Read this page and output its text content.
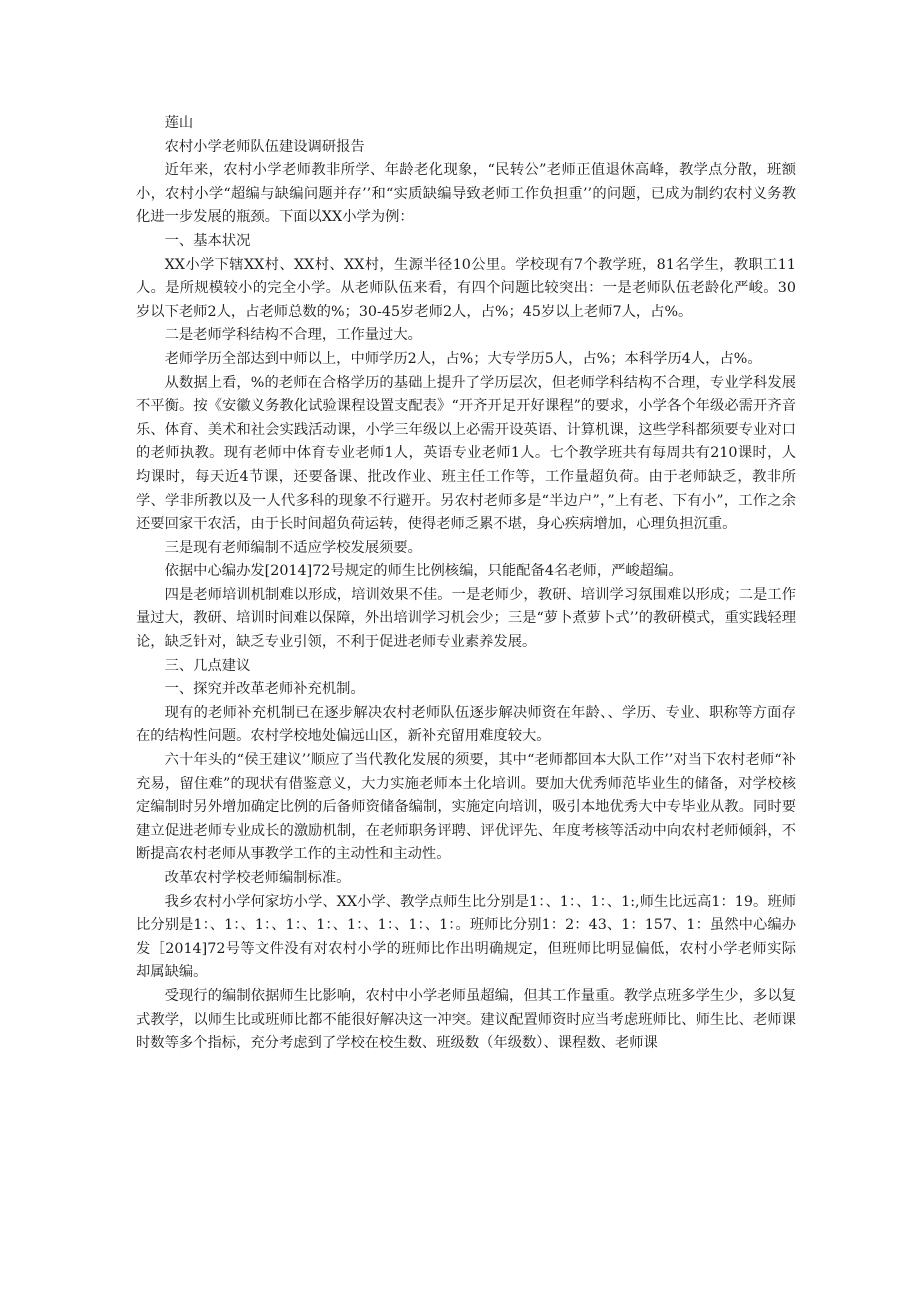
莲山

农村小学老师队伍建设调研报告

近年来，农村小学老师教非所学、年龄老化现象，“民转公”老师正值退休高峰，教学点分散，班额小，农村小学“超编与缺编问题并存’’和“实质缺编导致老师工作负担重’’的问题，已成为制约农村义务教化进一步发展的瓶颈。下面以XX小学为例：

一、基本状况

XX小学下辖XX村、XX村、XX村，生源半径10公里。学校现有7个教学班，81名学生，教职工11人。是所规模较小的完全小学。从老师队伍来看，有四个问题比较突出：一是老师队伍老龄化严峻。30岁以下老师2人，占老师总数的%；30-45岁老师2人，占%；45岁以上老师7人，占%。

二是老师学科结构不合理，工作量过大。

老师学历全部达到中师以上，中师学历2人，占%；大专学历5人，占%；本科学历4人，占%。

从数据上看，%的老师在合格学历的基础上提升了学历层次，但老师学科结构不合理，专业学科发展不平衡。按《安徽义务教化试验课程设置支配表》“开齐开足开好课程”的要求，小学各个年级必需开齐音乐、体育、美术和社会实践活动课，小学三年级以上必需开设英语、计算机课，这些学科都须要专业对口的老师执教。现有老师中体育专业老师1人，英语专业老师1人。七个教学班共有每周共有210课时，人均课时，每天近4节课，还要备课、批改作业、班主任工作等，工作量超负荷。由于老师缺乏，教非所学、学非所教以及一人代多科的现象不行避开。另农村老师多是“半边户”，”上有老、下有小”，工作之余还要回家干农活，由于长时间超负荷运转，使得老师乏累不堪，身心疾病增加，心理负担沉重。

三是现有老师编制不适应学校发展须要。

依据中心编办发[2014]72号规定的师生比例核编，只能配备4名老师，严峻超编。

四是老师培训机制难以形成，培训效果不佳。一是老师少，教研、培训学习氛围难以形成；二是工作量过大，教研、培训时间难以保障，外出培训学习机会少；三是“萝卜煮萝卜式’’的教研模式，重实践轻理论，缺乏针对，缺乏专业引领，不利于促进老师专业素养发展。

三、几点建议

一、探究并改革老师补充机制。

现有的老师补充机制已在逐步解决农村老师队伍逐步解决师资在年龄、、学历、专业、职称等方面存在的结构性问题。农村学校地处偏远山区，新补充留用难度较大。

六十年头的“侯王建议’’顺应了当代教化发展的须要，其中“老师都回本大队工作’’对当下农村老师“补充易，留住难”的现状有借鉴意义，大力实施老师本土化培训。要加大优秀师范毕业生的储备，对学校核定编制时另外增加确定比例的后备师资储备编制，实施定向培训，吸引本地优秀大中专毕业从教。同时要建立促进老师专业成长的激励机制，在老师职务评聘、评优评先、年度考核等活动中向农村老师倾斜，不断提高农村老师从事教学工作的主动性和主动性。

改革农村学校老师编制标准。

我乡农村小学何家坊小学、XX小学、教学点师生比分别是1：、1：、1：、1:,师生比远高1：19。班师比分别是1：、1：、1：、1：、1：、1：、1：、1：、1：。班师比分别1：2：43、1：157、1：虽然中心编办发［2014]72号等文件没有对农村小学的班师比作出明确规定，但班师比明显偏低，农村小学老师实际却属缺编。

受现行的编制依据师生比影响，农村中小学老师虽超编，但其工作量重。教学点班多学生少，多以复式教学，以师生比或班师比都不能很好解决这一冲突。建议配置师资时应当考虑班师比、师生比、老师课时数等多个指标，充分考虑到了学校在校生数、班级数（年级数）、课程数、老师课
